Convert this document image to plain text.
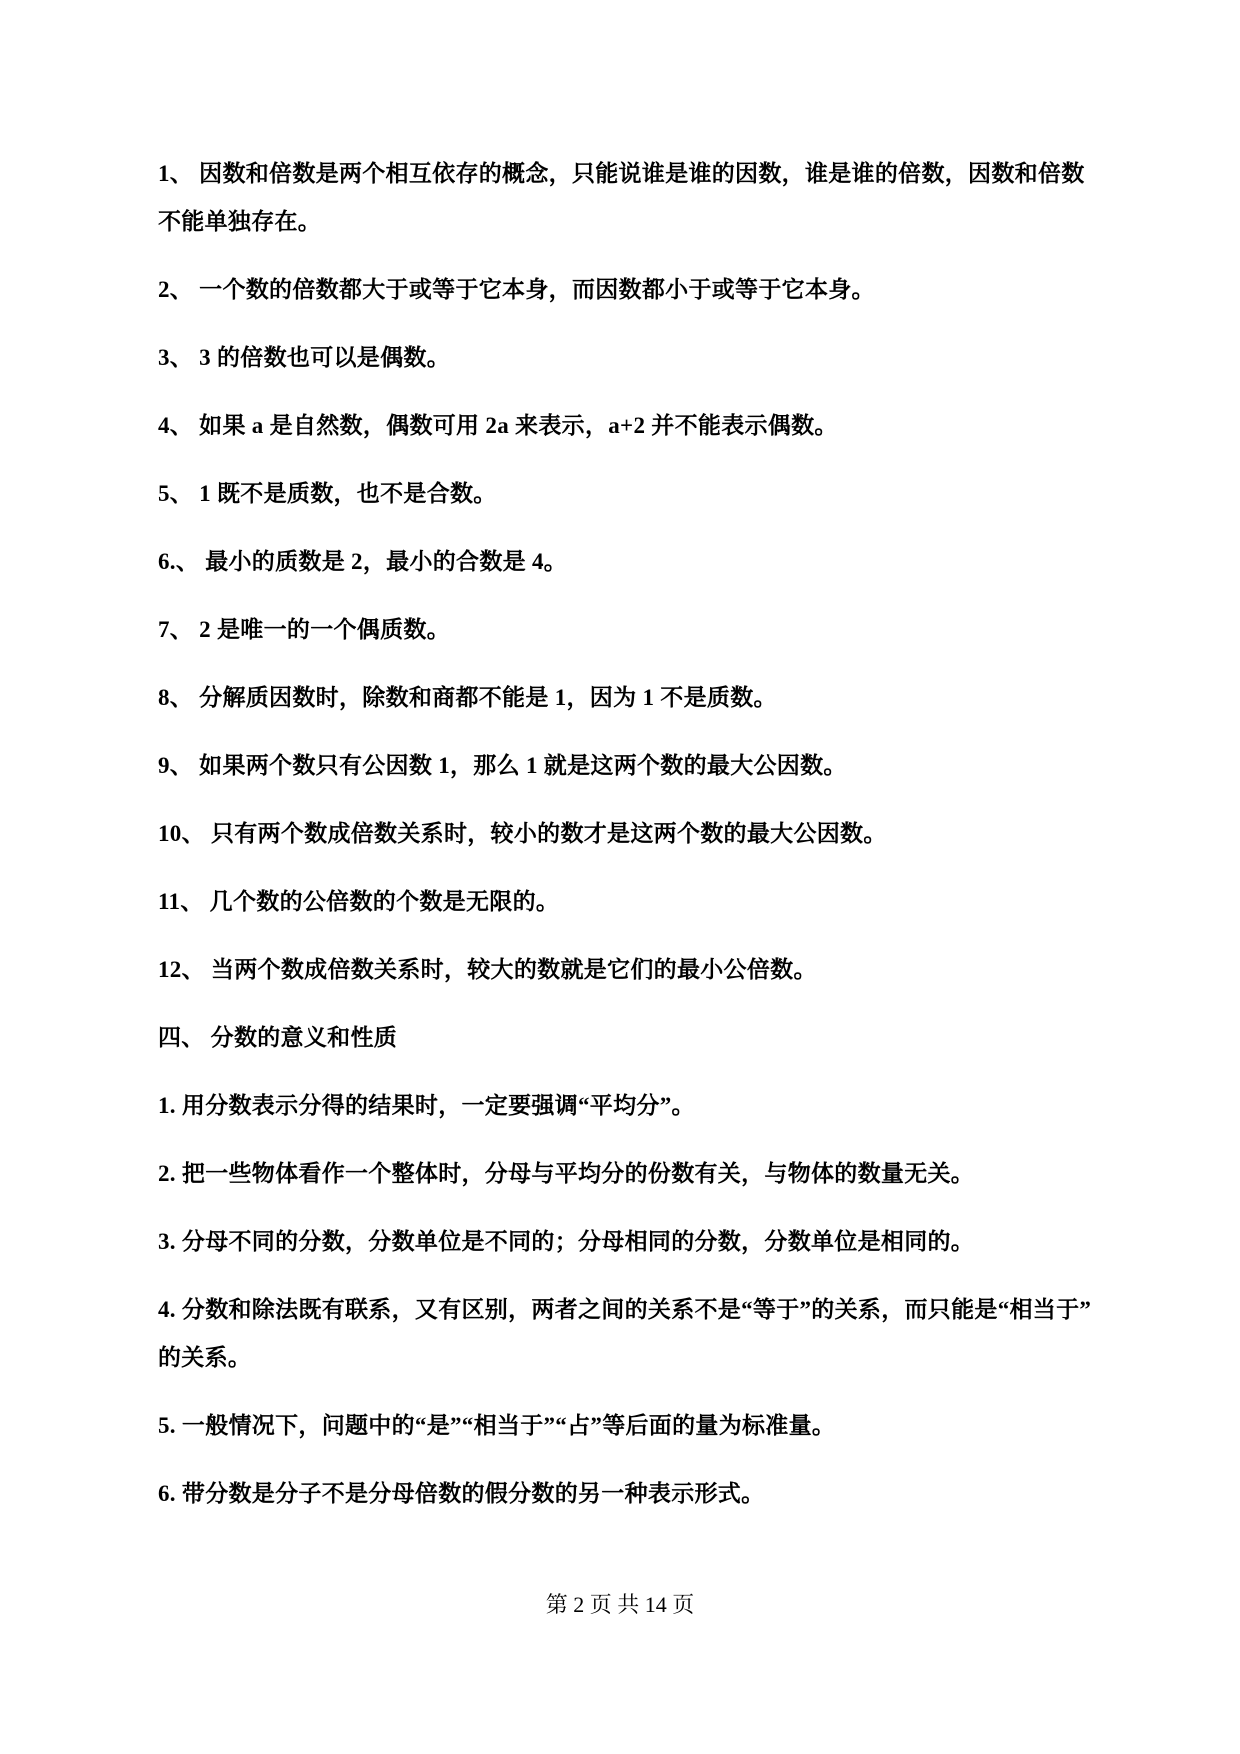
1、 因数和倍数是两个相互依存的概念，只能说谁是谁的因数，谁是谁的倍数，因数和倍数
不能单独存在。

2、 一个数的倍数都大于或等于它本身，而因数都小于或等于它本身。

3、 3 的倍数也可以是偶数。

4、 如果 a 是自然数，偶数可用 2a 来表示，a+2 并不能表示偶数。

5、 1 既不是质数，也不是合数。

6.、 最小的质数是 2，最小的合数是 4。

7、 2 是唯一的一个偶质数。

8、 分解质因数时，除数和商都不能是 1，因为 1 不是质数。

9、 如果两个数只有公因数 1，那么 1 就是这两个数的最大公因数。

10、 只有两个数成倍数关系时，较小的数才是这两个数的最大公因数。

11、 几个数的公倍数的个数是无限的。

12、 当两个数成倍数关系时，较大的数就是它们的最小公倍数。

四、 分数的意义和性质

1. 用分数表示分得的结果时，一定要强调“平均分”。

2. 把一些物体看作一个整体时，分母与平均分的份数有关，与物体的数量无关。

3. 分母不同的分数，分数单位是不同的；分母相同的分数，分数单位是相同的。

4. 分数和除法既有联系，又有区别，两者之间的关系不是“等于”的关系，而只能是“相当于”
的关系。

5. 一般情况下，问题中的“是”“相当于”“占”等后面的量为标准量。

6. 带分数是分子不是分母倍数的假分数的另一种表示形式。

第 2 页 共 14 页
